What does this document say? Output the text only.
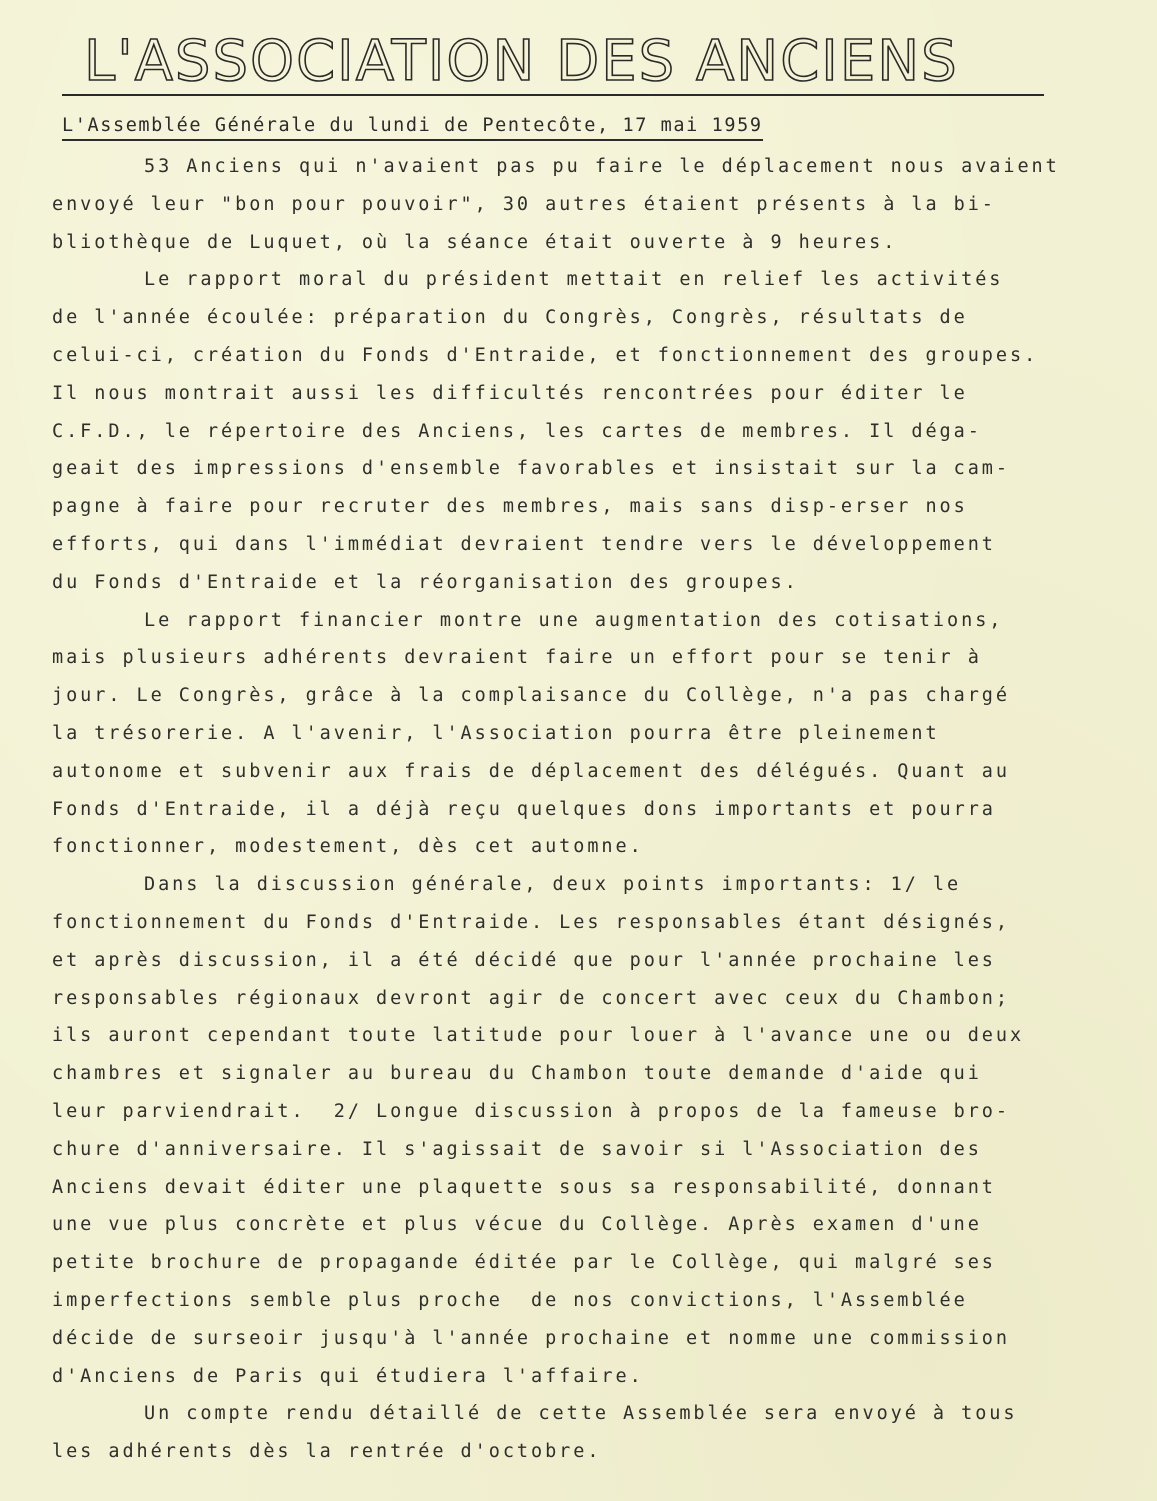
L'ASSOCIATION DES ANCIENS
L'Assemblée Générale du lundi de Pentecôte, 17 mai 1959
53 Anciens qui n'avaient pas pu faire le déplacement nous avaient
envoyé leur "bon pour pouvoir", 30 autres étaient présents à la bi-
bliothèque de Luquet, où la séance était ouverte à 9 heures.
Le rapport moral du président mettait en relief les activités
de l'année écoulée: préparation du Congrès, Congrès, résultats de
celui-ci, création du Fonds d'Entraide, et fonctionnement des groupes.
Il nous montrait aussi les difficultés rencontrées pour éditer le
C.F.D., le répertoire des Anciens, les cartes de membres. Il déga-
geait des impressions d'ensemble favorables et insistait sur la cam-
pagne à faire pour recruter des membres, mais sans disp-erser nos
efforts, qui dans l'immédiat devraient tendre vers le développement
du Fonds d'Entraide et la réorganisation des groupes.
Le rapport financier montre une augmentation des cotisations,
mais plusieurs adhérents devraient faire un effort pour se tenir à
jour. Le Congrès, grâce à la complaisance du Collège, n'a pas chargé
la trésorerie. A l'avenir, l'Association pourra être pleinement
autonome et subvenir aux frais de déplacement des délégués. Quant au
Fonds d'Entraide, il a déjà reçu quelques dons importants et pourra
fonctionner, modestement, dès cet automne.
Dans la discussion générale, deux points importants: 1/ le
fonctionnement du Fonds d'Entraide. Les responsables étant désignés,
et après discussion, il a été décidé que pour l'année prochaine les
responsables régionaux devront agir de concert avec ceux du Chambon;
ils auront cependant toute latitude pour louer à l'avance une ou deux
chambres et signaler au bureau du Chambon toute demande d'aide qui
leur parviendrait.  2/ Longue discussion à propos de la fameuse bro-
chure d'anniversaire. Il s'agissait de savoir si l'Association des
Anciens devait éditer une plaquette sous sa responsabilité, donnant
une vue plus concrète et plus vécue du Collège. Après examen d'une
petite brochure de propagande éditée par le Collège, qui malgré ses
imperfections semble plus proche  de nos convictions, l'Assemblée
décide de surseoir jusqu'à l'année prochaine et nomme une commission
d'Anciens de Paris qui étudiera l'affaire.
Un compte rendu détaillé de cette Assemblée sera envoyé à tous
les adhérents dès la rentrée d'octobre.
